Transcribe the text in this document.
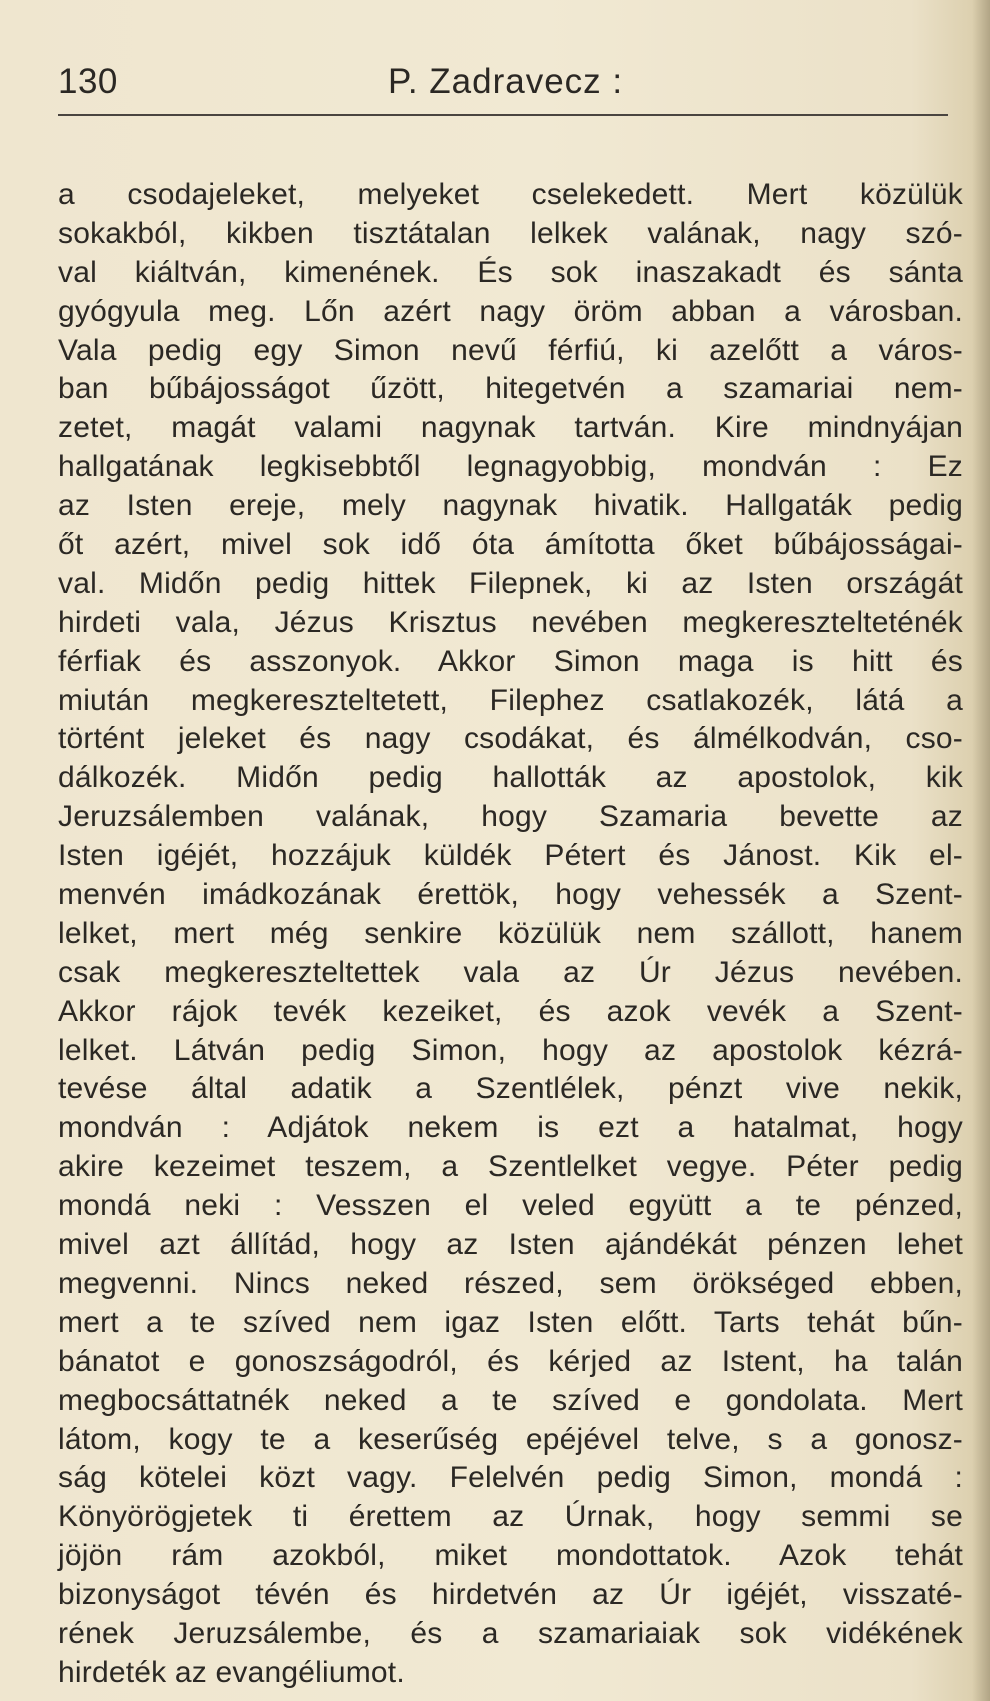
130	P. Zadravecz :
a csodajeleket, melyeket cselekedett. Mert közülük
sokakból, kikben tisztátalan lelkek valának, nagy szó-
val kiáltván, kimenének. És sok inaszakadt és sánta
gyógyula meg. Lőn azért nagy öröm abban a városban.
Vala pedig egy Simon nevű férfiú, ki azelőtt a város-
ban bűbájosságot űzött, hitegetvén a szamariai nem-
zetet, magát valami nagynak tartván. Kire mindnyájan
hallgatának legkisebbtől legnagyobbig, mondván : Ez
az Isten ereje, mely nagynak hivatik. Hallgaták pedig
őt azért, mivel sok idő óta ámította őket bűbájosságai-
val. Midőn pedig hittek Filepnek, ki az Isten országát
hirdeti vala, Jézus Krisztus nevében megkeresztelteténék
férfiak és asszonyok. Akkor Simon maga is hitt és
miután megkereszteltetett, Filephez csatlakozék, látá a
történt jeleket és nagy csodákat, és álmélkodván, cso-
dálkozék. Midőn pedig hallották az apostolok, kik
Jeruzsálemben valának, hogy Szamaria bevette az
Isten igéjét, hozzájuk küldék Pétert és Jánost. Kik el-
menvén imádkozának érettök, hogy vehessék a Szent-
lelket, mert még senkire közülük nem szállott, hanem
csak megkereszteltettek vala az Úr Jézus nevében.
Akkor rájok tevék kezeiket, és azok vevék a Szent-
lelket. Látván pedig Simon, hogy az apostolok kézrá-
tevése által adatik a Szentlélek, pénzt vive nekik,
mondván : Adjátok nekem is ezt a hatalmat, hogy
akire kezeimet teszem, a Szentlelket vegye. Péter pedig
mondá neki : Vesszen el veled együtt a te pénzed,
mivel azt állítád, hogy az Isten ajándékát pénzen lehet
megvenni. Nincs neked részed, sem örökséged ebben,
mert a te szíved nem igaz Isten előtt. Tarts tehát bűn-
bánatot e gonoszságodról, és kérjed az Istent, ha talán
megbocsáttatnék neked a te szíved e gondolata. Mert
látom, kogy te a keserűség epéjével telve, s a gonosz-
ság kötelei közt vagy. Felelvén pedig Simon, mondá :
Könyörögjetek ti érettem az Úrnak, hogy semmi se
jöjön rám azokból, miket mondottatok. Azok tehát
bizonyságot tévén és hirdetvén az Úr igéjét, visszaté-
rének Jeruzsálembe, és a szamariaiak sok vidékének
hirdeték az evangéliumot.
